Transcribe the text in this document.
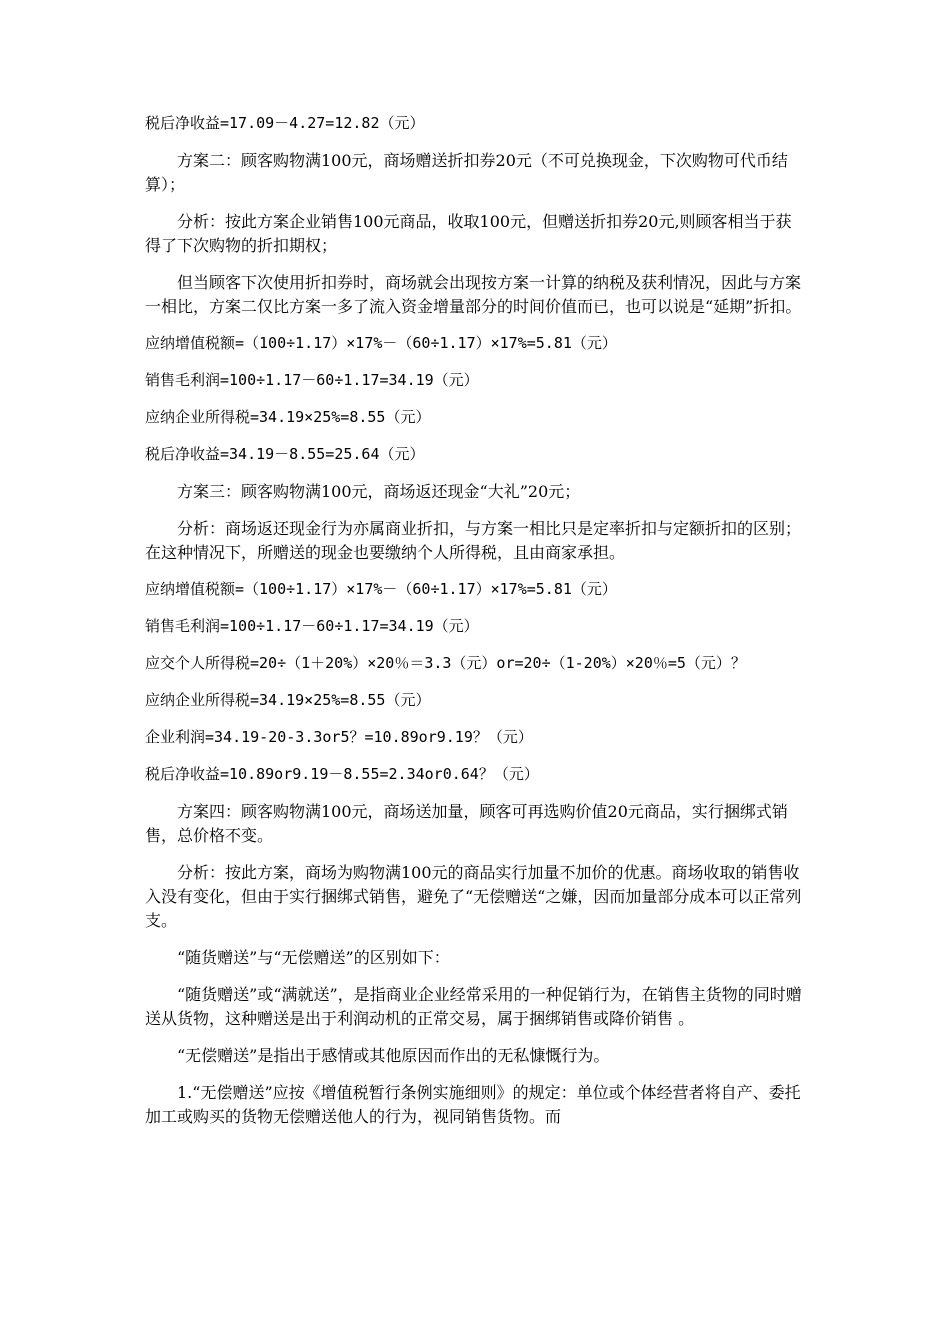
税后净收益=17.09－4.27=12.82（元）

方案二：顾客购物满100元，商场赠送折扣券20元（不可兑换现金，下次购物可代币结算）；

分析：按此方案企业销售100元商品，收取100元，但赠送折扣券20元,则顾客相当于获得了下次购物的折扣期权；

但当顾客下次使用折扣券时，商场就会出现按方案一计算的纳税及获利情况，因此与方案一相比，方案二仅比方案一多了流入资金增量部分的时间价值而已，也可以说是“延期”折扣。

应纳增值税额=（100÷1.17）×17%－（60÷1.17）×17%=5.81（元）

销售毛利润=100÷1.17－60÷1.17=34.19（元）

应纳企业所得税=34.19×25%=8.55（元）

税后净收益=34.19－8.55=25.64（元）

方案三：顾客购物满100元，商场返还现金“大礼”20元；

分析：商场返还现金行为亦属商业折扣，与方案一相比只是定率折扣与定额折扣的区别；在这种情况下，所赠送的现金也要缴纳个人所得税，且由商家承担。

应纳增值税额=（100÷1.17）×17%－（60÷1.17）×17%=5.81（元）

销售毛利润=100÷1.17－60÷1.17=34.19（元）

应交个人所得税=20÷（1＋20%）×20％＝3.3（元）or=20÷（1-20%）×20％=5（元）？

应纳企业所得税=34.19×25%=8.55（元）

企业利润=34.19-20-3.3or5？=10.89or9.19？（元）

税后净收益=10.89or9.19－8.55=2.34or0.64？（元）

方案四：顾客购物满100元，商场送加量，顾客可再选购价值20元商品，实行捆绑式销售，总价格不变。

分析：按此方案，商场为购物满100元的商品实行加量不加价的优惠。商场收取的销售收入没有变化，但由于实行捆绑式销售，避免了“无偿赠送“之嫌，因而加量部分成本可以正常列支。

“随货赠送”与“无偿赠送”的区别如下：

“随货赠送”或“满就送”，是指商业企业经常采用的一种促销行为，在销售主货物的同时赠送从货物，这种赠送是出于利润动机的正常交易，属于捆绑销售或降价销售 。

“无偿赠送”是指出于感情或其他原因而作出的无私慷慨行为。

1.“无偿赠送”应按《增值税暂行条例实施细则》的规定：单位或个体经营者将自产、委托加工或购买的货物无偿赠送他人的行为，视同销售货物。而
